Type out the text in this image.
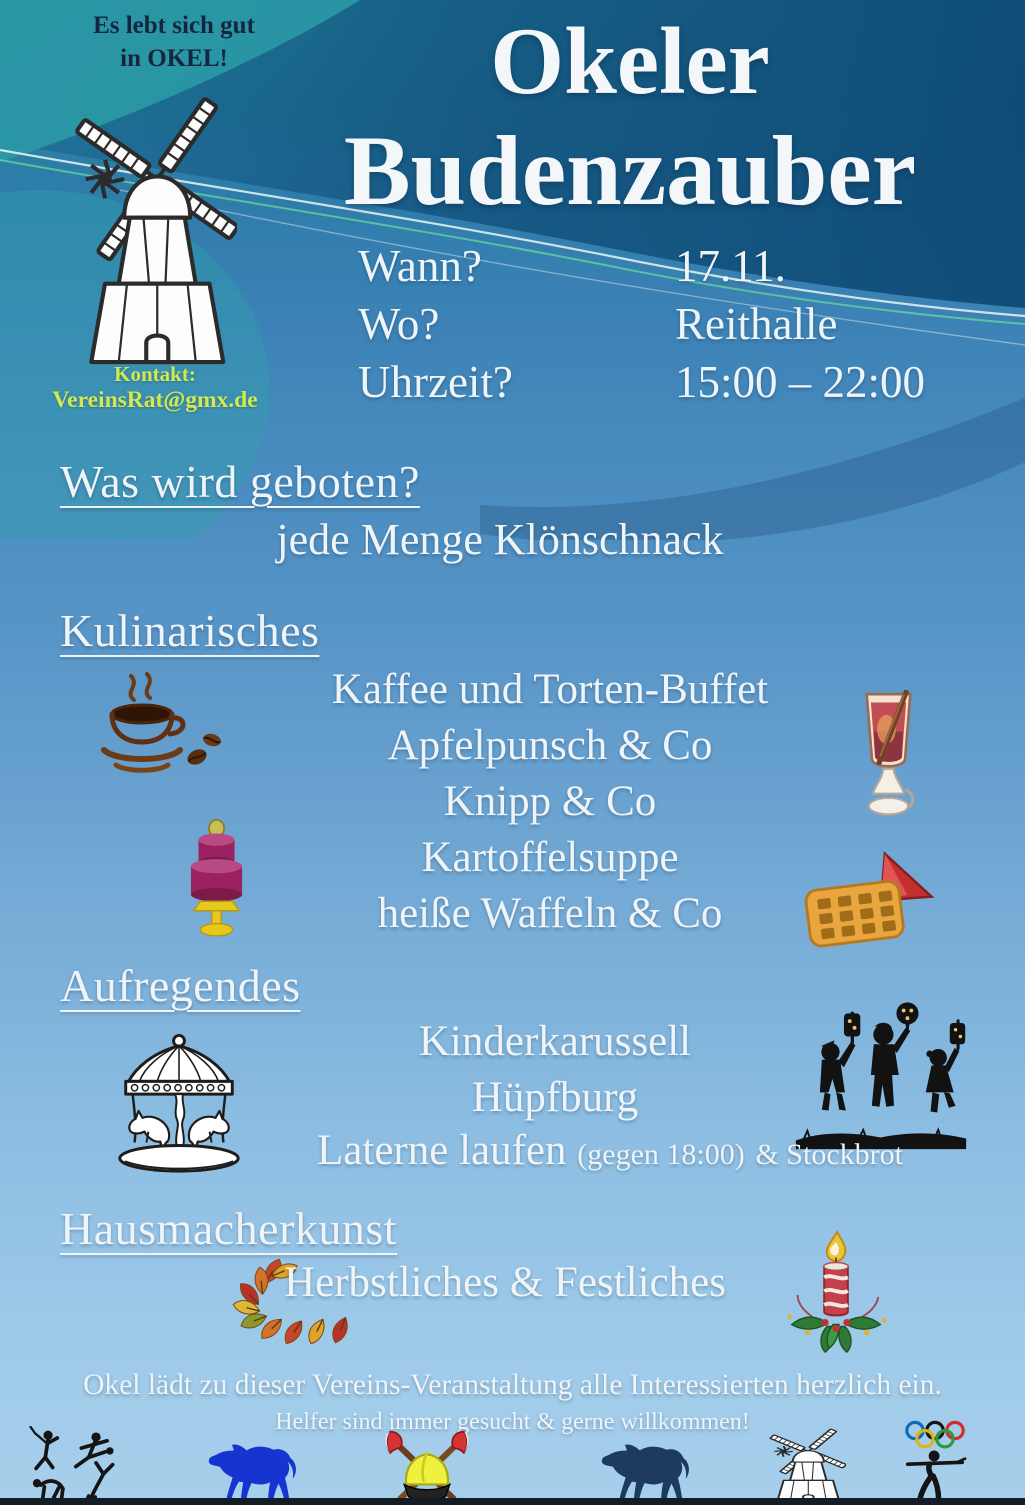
Es lebt sich gut
in OKEL!
Kontakt:
VereinsRat@gmx.de
Okeler
Budenzauber
Wann?	17.11.
Wo?	Reithalle
Uhrzeit?	15:00 – 22:00
Was wird geboten?
jede Menge Klönschnack
Kulinarisches
Kaffee und Torten-Buffet
Apfelpunsch & Co
Knipp & Co
Kartoffelsuppe
heiße Waffeln & Co
Aufregendes
Kinderkarussell
Hüpfburg
Laterne laufen (gegen 18:00) & Stockbrot
Hausmacherkunst
Herbstliches & Festliches
Okel lädt zu dieser Vereins-Veranstaltung alle Interessierten herzlich ein.
Helfer sind immer gesucht & gerne willkommen!
